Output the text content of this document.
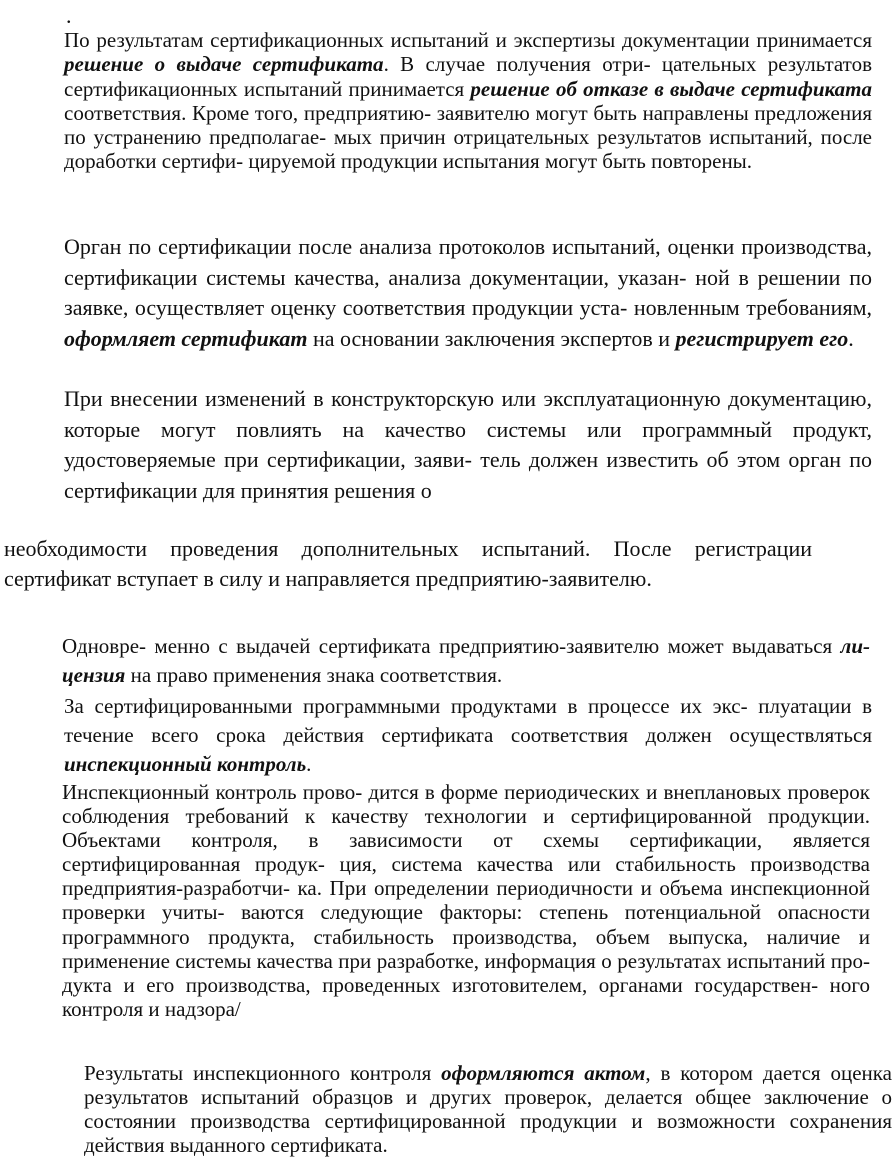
.

По результатам сертификационных испытаний и экспертизы документации принимается решение о выдаче сертификата. В случае получения отри- цательных результатов сертификационных испытаний принимается решение об отказе в выдаче сертификата соответствия. Кроме того, предприятию- заявителю могут быть направлены предложения по устранению предполагае- мых причин отрицательных результатов испытаний, после доработки сертифи- цируемой продукции испытания могут быть повторены.

Орган по сертификации после анализа протоколов испытаний, оценки производства, сертификации системы качества, анализа документации, указан- ной в решении по заявке, осуществляет оценку соответствия продукции уста- новленным требованиям, оформляет сертификат на основании заключения экспертов и регистрирует его.

При внесении изменений в конструкторскую или эксплуатационную документацию, которые могут повлиять на качество системы или программный продукт, удостоверяемые при сертификации, заяви- тель должен известить об этом орган по сертификации для принятия решения о

необходимости проведения дополнительных испытаний. После регистрации сертификат вступает в силу и направляется предприятию-заявителю.

Одновре- менно с выдачей сертификата предприятию-заявителю может выдаваться ли- цензия на право применения знака соответствия.

За сертифицированными программными продуктами в процессе их экс- плуатации в течение всего срока действия сертификата соответствия должен осуществляться инспекционный контроль.

Инспекционный контроль прово- дится в форме периодических и внеплановых проверок соблюдения требований к качеству технологии и сертифицированной продукции. Объектами контроля, в зависимости от схемы сертификации, является сертифицированная продук- ция, система качества или стабильность производства предприятия-разработчи- ка. При определении периодичности и объема инспекционной проверки учиты- ваются следующие факторы: степень потенциальной опасности программного продукта, стабильность производства, объем выпуска, наличие и применение системы качества при разработке, информация о результатах испытаний про- дукта и его производства, проведенных изготовителем, органами государствен- ного контроля и надзора/

Результаты инспекционного контроля оформляются актом, в котором дается оценка результатов испытаний образцов и других проверок, делается общее заключение о состоянии производства сертифицированной продукции и возможности сохранения действия выданного сертификата.
